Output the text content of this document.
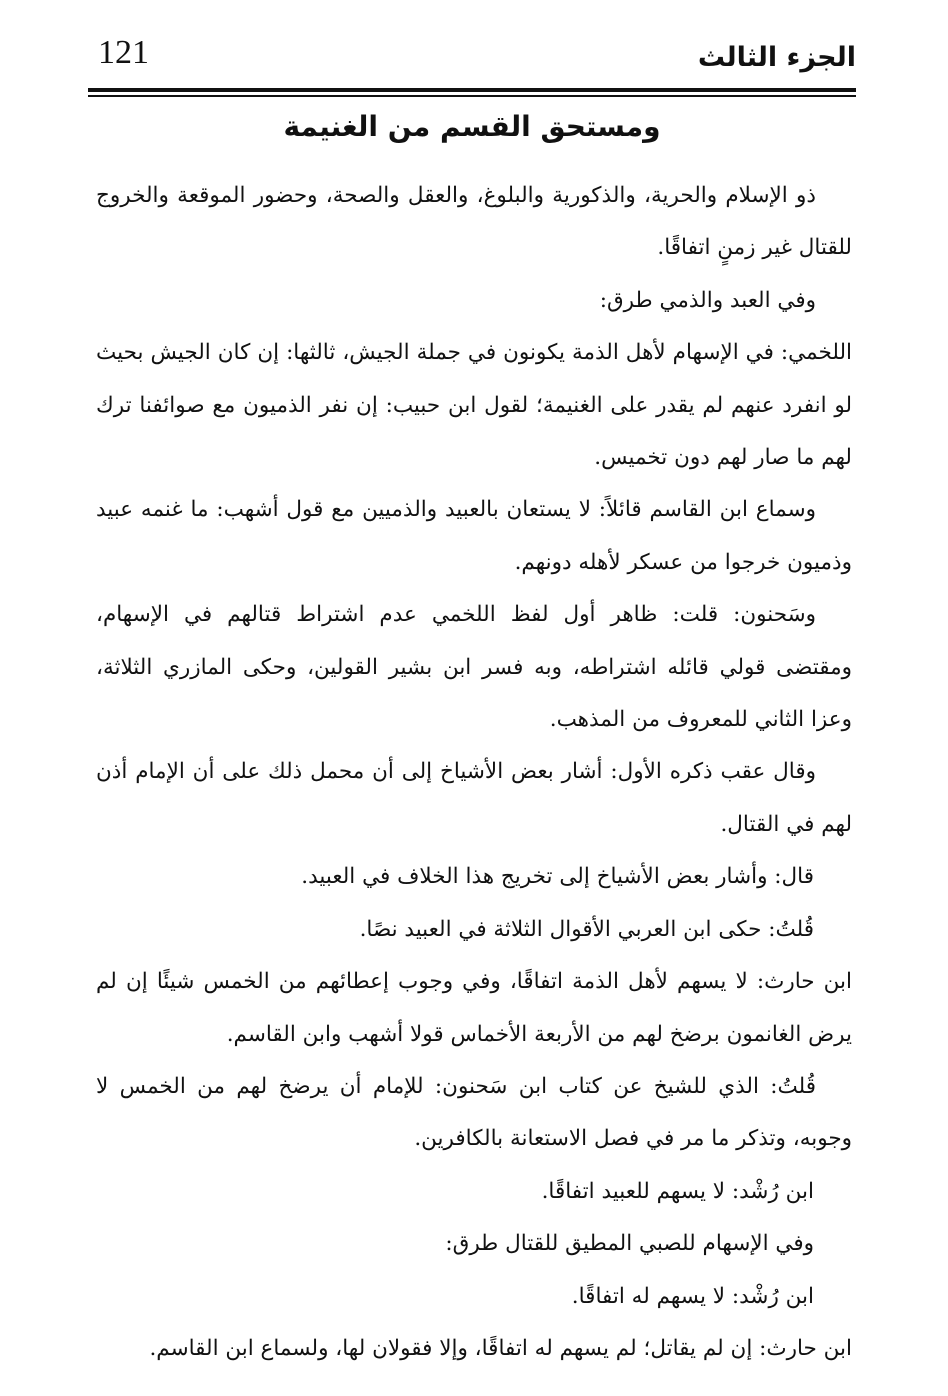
121	الجزء الثالث
ومستحق القسم من الغنيمة

ذو الإسلام والحرية، والذكورية والبلوغ، والعقل والصحة، وحضور الموقعة والخروج للقتال غير زمنٍ اتفاقًا.

وفي العبد والذمي طرق:

اللخمي: في الإسهام لأهل الذمة يكونون في جملة الجيش، ثالثها: إن كان الجيش بحيث لو انفرد عنهم لم يقدر على الغنيمة؛ لقول ابن حبيب: إن نفر الذميون مع صوائفنا ترك لهم ما صار لهم دون تخميس.

وسماع ابن القاسم قائلاً: لا يستعان بالعبيد والذميين مع قول أشهب: ما غنمه عبيد وذميون خرجوا من عسكر لأهله دونهم.

وسَحنون: قلت: ظاهر أول لفظ اللخمي عدم اشتراط قتالهم في الإسهام، ومقتضى قولي قائله اشتراطه، وبه فسر ابن بشير القولين، وحكى المازري الثلاثة، وعزا الثاني للمعروف من المذهب.

وقال عقب ذكره الأول: أشار بعض الأشياخ إلى أن محمل ذلك على أن الإمام أذن لهم في القتال.

قال: وأشار بعض الأشياخ إلى تخريج هذا الخلاف في العبيد.

قُلتُ: حكى ابن العربي الأقوال الثلاثة في العبيد نصًا.

ابن حارث: لا يسهم لأهل الذمة اتفاقًا، وفي وجوب إعطائهم من الخمس شيئًا إن لم يرض الغانمون برضخ لهم من الأربعة الأخماس قولا أشهب وابن القاسم.

قُلتُ: الذي للشيخ عن كتاب ابن سَحنون: للإمام أن يرضخ لهم من الخمس لا وجوبه، وتذكر ما مر في فصل الاستعانة بالكافرين.

ابن رُشْد: لا يسهم للعبيد اتفاقًا.

وفي الإسهام للصبي المطيق للقتال طرق:

ابن رُشْد: لا يسهم له اتفاقًا.

ابن حارث: إن لم يقاتل؛ لم يسهم له اتفاقًا، وإلا فقولان لها، ولسماع ابن القاسم.
